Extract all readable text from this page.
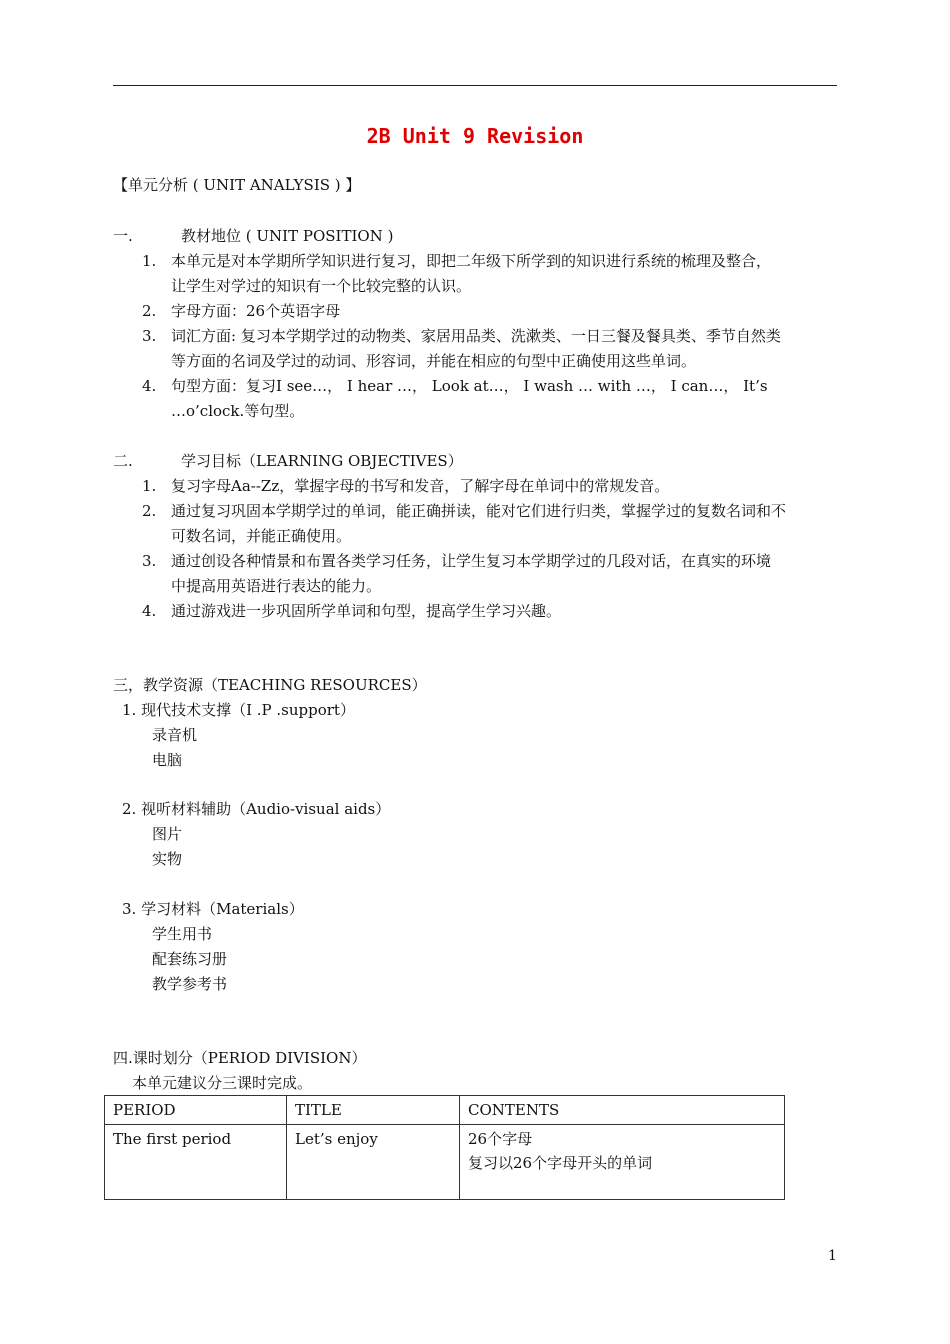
2B Unit 9 Revision
【单元分析 ( UNIT ANALYSIS ) 】
一.	教材地位 ( UNIT POSITION )
1. 本单元是对本学期所学知识进行复习，即把二年级下所学到的知识进行系统的梳理及整合，
让学生对学过的知识有一个比较完整的认识。
2. 字母方面：26个英语字母
3. 词汇方面: 复习本学期学过的动物类、家居用品类、洗漱类、一日三餐及餐具类、季节自然类
等方面的名词及学过的动词、形容词，并能在相应的句型中正确使用这些单词。
4. 句型方面：复习I see…， I hear …， Look at…， I wash … with …， I can…， It’s
…o’clock.等句型。
二.	学习目标（LEARNING OBJECTIVES）
1. 复习字母Aa--Zz，掌握字母的书写和发音，了解字母在单词中的常规发音。
2. 通过复习巩固本学期学过的单词，能正确拼读，能对它们进行归类，掌握学过的复数名词和不
可数名词，并能正确使用。
3. 通过创设各种情景和布置各类学习任务，让学生复习本学期学过的几段对话，在真实的环境
中提高用英语进行表达的能力。
4. 通过游戏进一步巩固所学单词和句型，提高学生学习兴趣。
三，教学资源（TEACHING RESOURCES）
1. 现代技术支撑（I .P .support）
录音机
电脑
2. 视听材料辅助（Audio-visual aids）
图片
实物
3. 学习材料（Materials）
学生用书
配套练习册
教学参考书
四.课时划分（PERIOD DIVISION）
本单元建议分三课时完成。
PERIOD	TITLE	CONTENTS
The first period	Let’s enjoy	26个字母
复习以26个字母开头的单词
1
